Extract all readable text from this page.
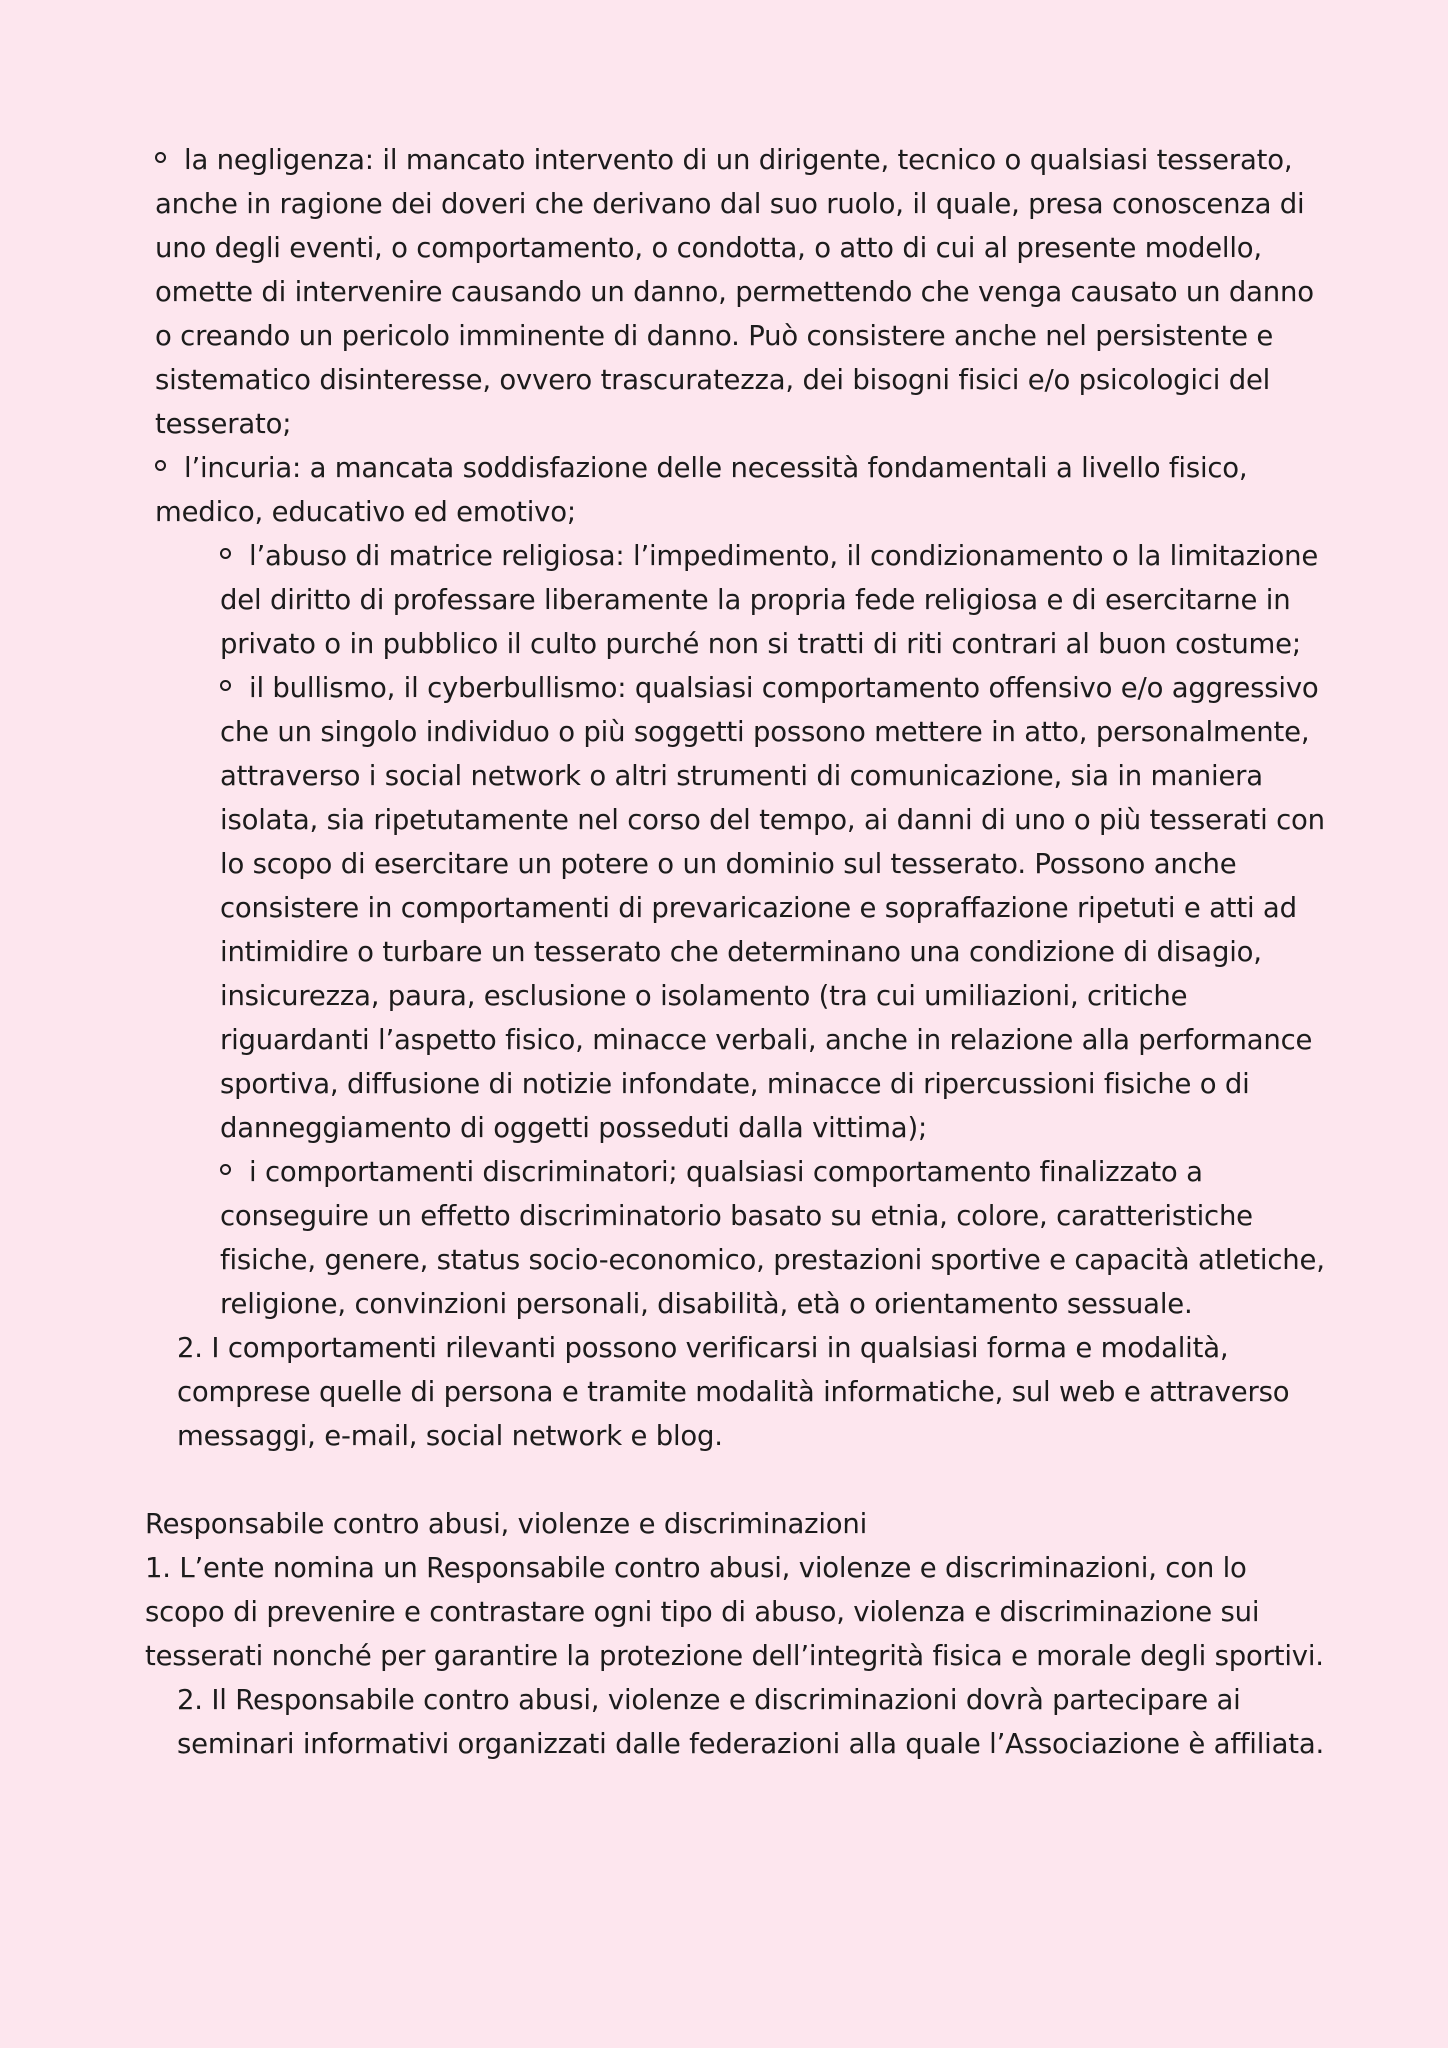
la negligenza: il mancato intervento di un dirigente, tecnico o qualsiasi tesserato, anche in ragione dei doveri che derivano dal suo ruolo, il quale, presa conoscenza di uno degli eventi, o comportamento, o condotta, o atto di cui al presente modello, omette di intervenire causando un danno, permettendo che venga causato un danno o creando un pericolo imminente di danno. Può consistere anche nel persistente e sistematico disinteresse, ovvero trascuratezza, dei bisogni fisici e/o psicologici del tesserato;

l’incuria: a mancata soddisfazione delle necessità fondamentali a livello fisico, medico, educativo ed emotivo;

l’abuso di matrice religiosa: l’impedimento, il condizionamento o la limitazione del diritto di professare liberamente la propria fede religiosa e di esercitarne in privato o in pubblico il culto purché non si tratti di riti contrari al buon costume;

il bullismo, il cyberbullismo: qualsiasi comportamento offensivo e/o aggressivo che un singolo individuo o più soggetti possono mettere in atto, personalmente, attraverso i social network o altri strumenti di comunicazione, sia in maniera isolata, sia ripetutamente nel corso del tempo, ai danni di uno o più tesserati con lo scopo di esercitare un potere o un dominio sul tesserato. Possono anche consistere in comportamenti di prevaricazione e sopraffazione ripetuti e atti ad intimidire o turbare un tesserato che determinano una condizione di disagio, insicurezza, paura, esclusione o isolamento (tra cui umiliazioni, critiche riguardanti l’aspetto fisico, minacce verbali, anche in relazione alla performance sportiva, diffusione di notizie infondate, minacce di ripercussioni fisiche o di danneggiamento di oggetti posseduti dalla vittima);

i comportamenti discriminatori; qualsiasi comportamento finalizzato a conseguire un effetto discriminatorio basato su etnia, colore, caratteristiche fisiche, genere, status socio-economico, prestazioni sportive e capacità atletiche, religione, convinzioni personali, disabilità, età o orientamento sessuale.

2. I comportamenti rilevanti possono verificarsi in qualsiasi forma e modalità, comprese quelle di persona e tramite modalità informatiche, sul web e attraverso messaggi, e-mail, social network e blog.

Responsabile contro abusi, violenze e discriminazioni

1. L’ente nomina un Responsabile contro abusi, violenze e discriminazioni, con lo scopo di prevenire e contrastare ogni tipo di abuso, violenza e discriminazione sui tesserati nonché per garantire la protezione dell’integrità fisica e morale degli sportivi.

2. Il Responsabile contro abusi, violenze e discriminazioni dovrà partecipare ai seminari informativi organizzati dalle federazioni alla quale l’Associazione è affiliata.
